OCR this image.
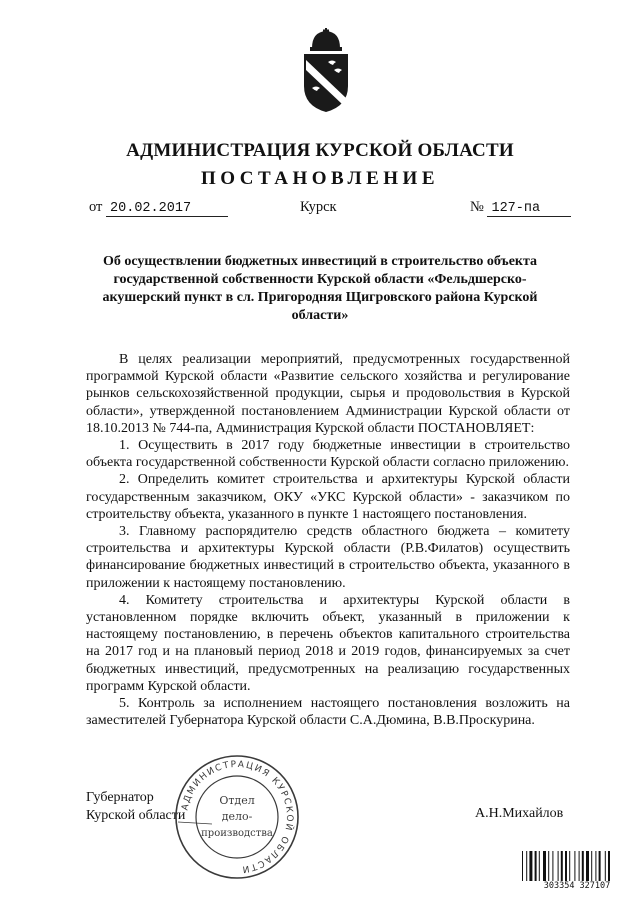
АДМИНИСТРАЦИЯ КУРСКОЙ ОБЛАСТИ
ПОСТАНОВЛЕНИЕ
от 20.02.2017	Курск	№ 127-па
Об осуществлении бюджетных инвестиций в строительство объекта государственной собственности Курской области «Фельдшерско-акушерский пункт в сл. Пригородняя Щигровского района Курской области»

В целях реализации мероприятий, предусмотренных государственной программой Курской области «Развитие сельского хозяйства и регулирование рынков сельскохозяйственной продукции, сырья и продовольствия в Курской области», утвержденной постановлением Администрации Курской области от 18.10.2013 № 744-па, Администрация Курской области ПОСТАНОВЛЯЕТ:

1. Осуществить в 2017 году бюджетные инвестиции в строительство объекта государственной собственности Курской области согласно приложению.

2. Определить комитет строительства и архитектуры Курской области государственным заказчиком, ОКУ «УКС Курской области» - заказчиком по строительству объекта, указанного в пункте 1 настоящего постановления.

3. Главному распорядителю средств областного бюджета – комитету строительства и архитектуры Курской области (Р.В.Филатов) осуществить финансирование бюджетных инвестиций в строительство объекта, указанного в приложении к настоящему постановлению.

4. Комитету строительства и архитектуры Курской области в установленном порядке включить объект, указанный в приложении к настоящему постановлению, в перечень объектов капитального строительства на 2017 год и на плановый период 2018 и 2019 годов, финансируемых за счет бюджетных инвестиций, предусмотренных на реализацию государственных программ Курской области.

5. Контроль за исполнением настоящего постановления возложить на заместителей Губернатора Курской области С.А.Дюмина, В.В.Проскурина.

Губернатор
Курской области	А.Н.Михайлов
АДМИНИСТРАЦИЯ КУРСКОЙ ОБЛАСТИ
Отдел
дело-
производства
303354 327107
